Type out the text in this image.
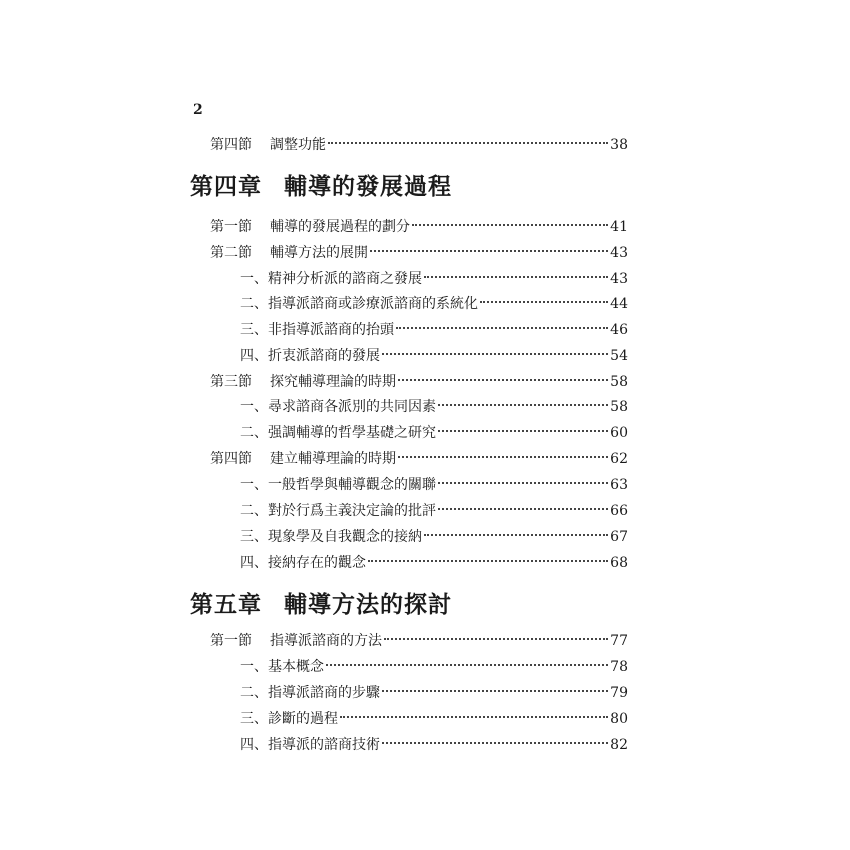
2
第四節	調整功能	38
第四章 輔導的發展過程
第一節	輔導的發展過程的劃分	41
第二節	輔導方法的展開	43
一、精神分析派的諮商之發展	43
二、指導派諮商或診療派諮商的系統化	44
三、非指導派諮商的抬頭	46
四、折衷派諮商的發展	54
第三節	探究輔導理論的時期	58
一、尋求諮商各派別的共同因素	58
二、强調輔導的哲學基礎之研究	60
第四節	建立輔導理論的時期	62
一、一般哲學與輔導觀念的關聯	63
二、對於行爲主義決定論的批評	66
三、現象學及自我觀念的接納	67
四、接納存在的觀念	68
第五章 輔導方法的探討
第一節	指導派諮商的方法	77
一、基本概念	78
二、指導派諮商的步驟	79
三、診斷的過程	80
四、指導派的諮商技術	82
